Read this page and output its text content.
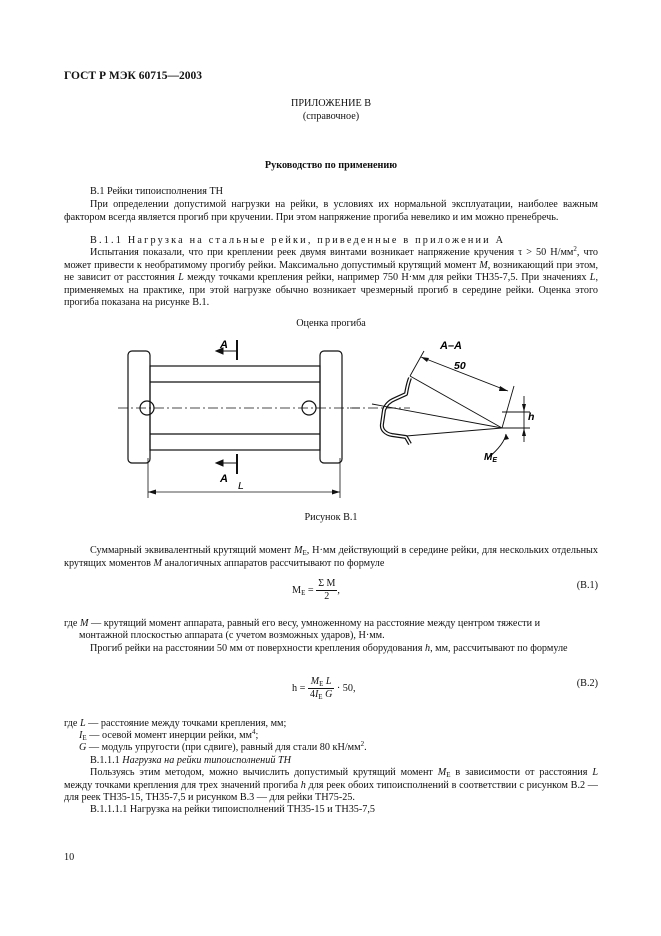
ГОСТ Р МЭК 60715—2003
ПРИЛОЖЕНИЕ В
(справочное)
Руководство по применению
В.1 Рейки типоисполнения ТН
При определении допустимой нагрузки на рейки, в условиях их нормальной эксплуатации, наиболее важным фактором всегда является прогиб при кручении. При этом напряжение прогиба невелико и им можно пренебречь.
В.1.1 Нагрузка на стальные рейки, приведенные в приложении А
Испытания показали, что при креплении реек двумя винтами возникает напряжение кручения τ > 50 $Н/мм^2$, что может привести к необратимому прогибу рейки. Максимально допустимый крутящий момент M, возникающий при этом, не зависит от расстояния L между точками крепления рейки, например 750 Н·мм для рейки ТН35-7,5. При значениях L, применяемых на практике, при этой нагрузке обычно возникает чрезмерный прогиб в середине рейки. Оценка этого прогиба показана на рисунке В.1.
Оценка прогиба
A
A
L
A–A
50
h
$M_E$
Рисунок В.1
Суммарный эквивалентный крутящий момент $M_E$, Н·мм действующий в середине рейки, для нескольких отдельных крутящих моментов M аналогичных аппаратов рассчитывают по формуле
$M_E = \frac{\text{Σ M}}{2}$ ,	(В.1)
где M — крутящий момент аппарата, равный его весу, умноженному на расстояние между центром тяжести и
монтажной плоскостью аппарата (с учетом возможных ударов), Н·мм.
Прогиб рейки на расстоянии 50 мм от поверхности крепления оборудования h, мм, рассчитывают по формуле
$h = \frac{M_E L}{4I_E G} \cdot 50$,	(В.2)
где L — расстояние между точками крепления, мм;
$I_E$ — осевой момент инерции рейки, $мм^4$;
G — модуль упругости (при сдвиге), равный для стали 80 $кН/мм^2$.
В.1.1.1 Нагрузка на рейки типоисполнений ТН
Пользуясь этим методом, можно вычислить допустимый крутящий момент $M_E$ в зависимости от расстояния L между точками крепления для трех значений прогиба h для реек обоих типоисполнений в соответствии с рисунком В.2 — для реек ТН35-15, ТН35-7,5 и рисунком В.3 — для рейки ТН75-25.
В.1.1.1.1 Нагрузка на рейки типоисполнений ТН35-15 и ТН35-7,5
10
